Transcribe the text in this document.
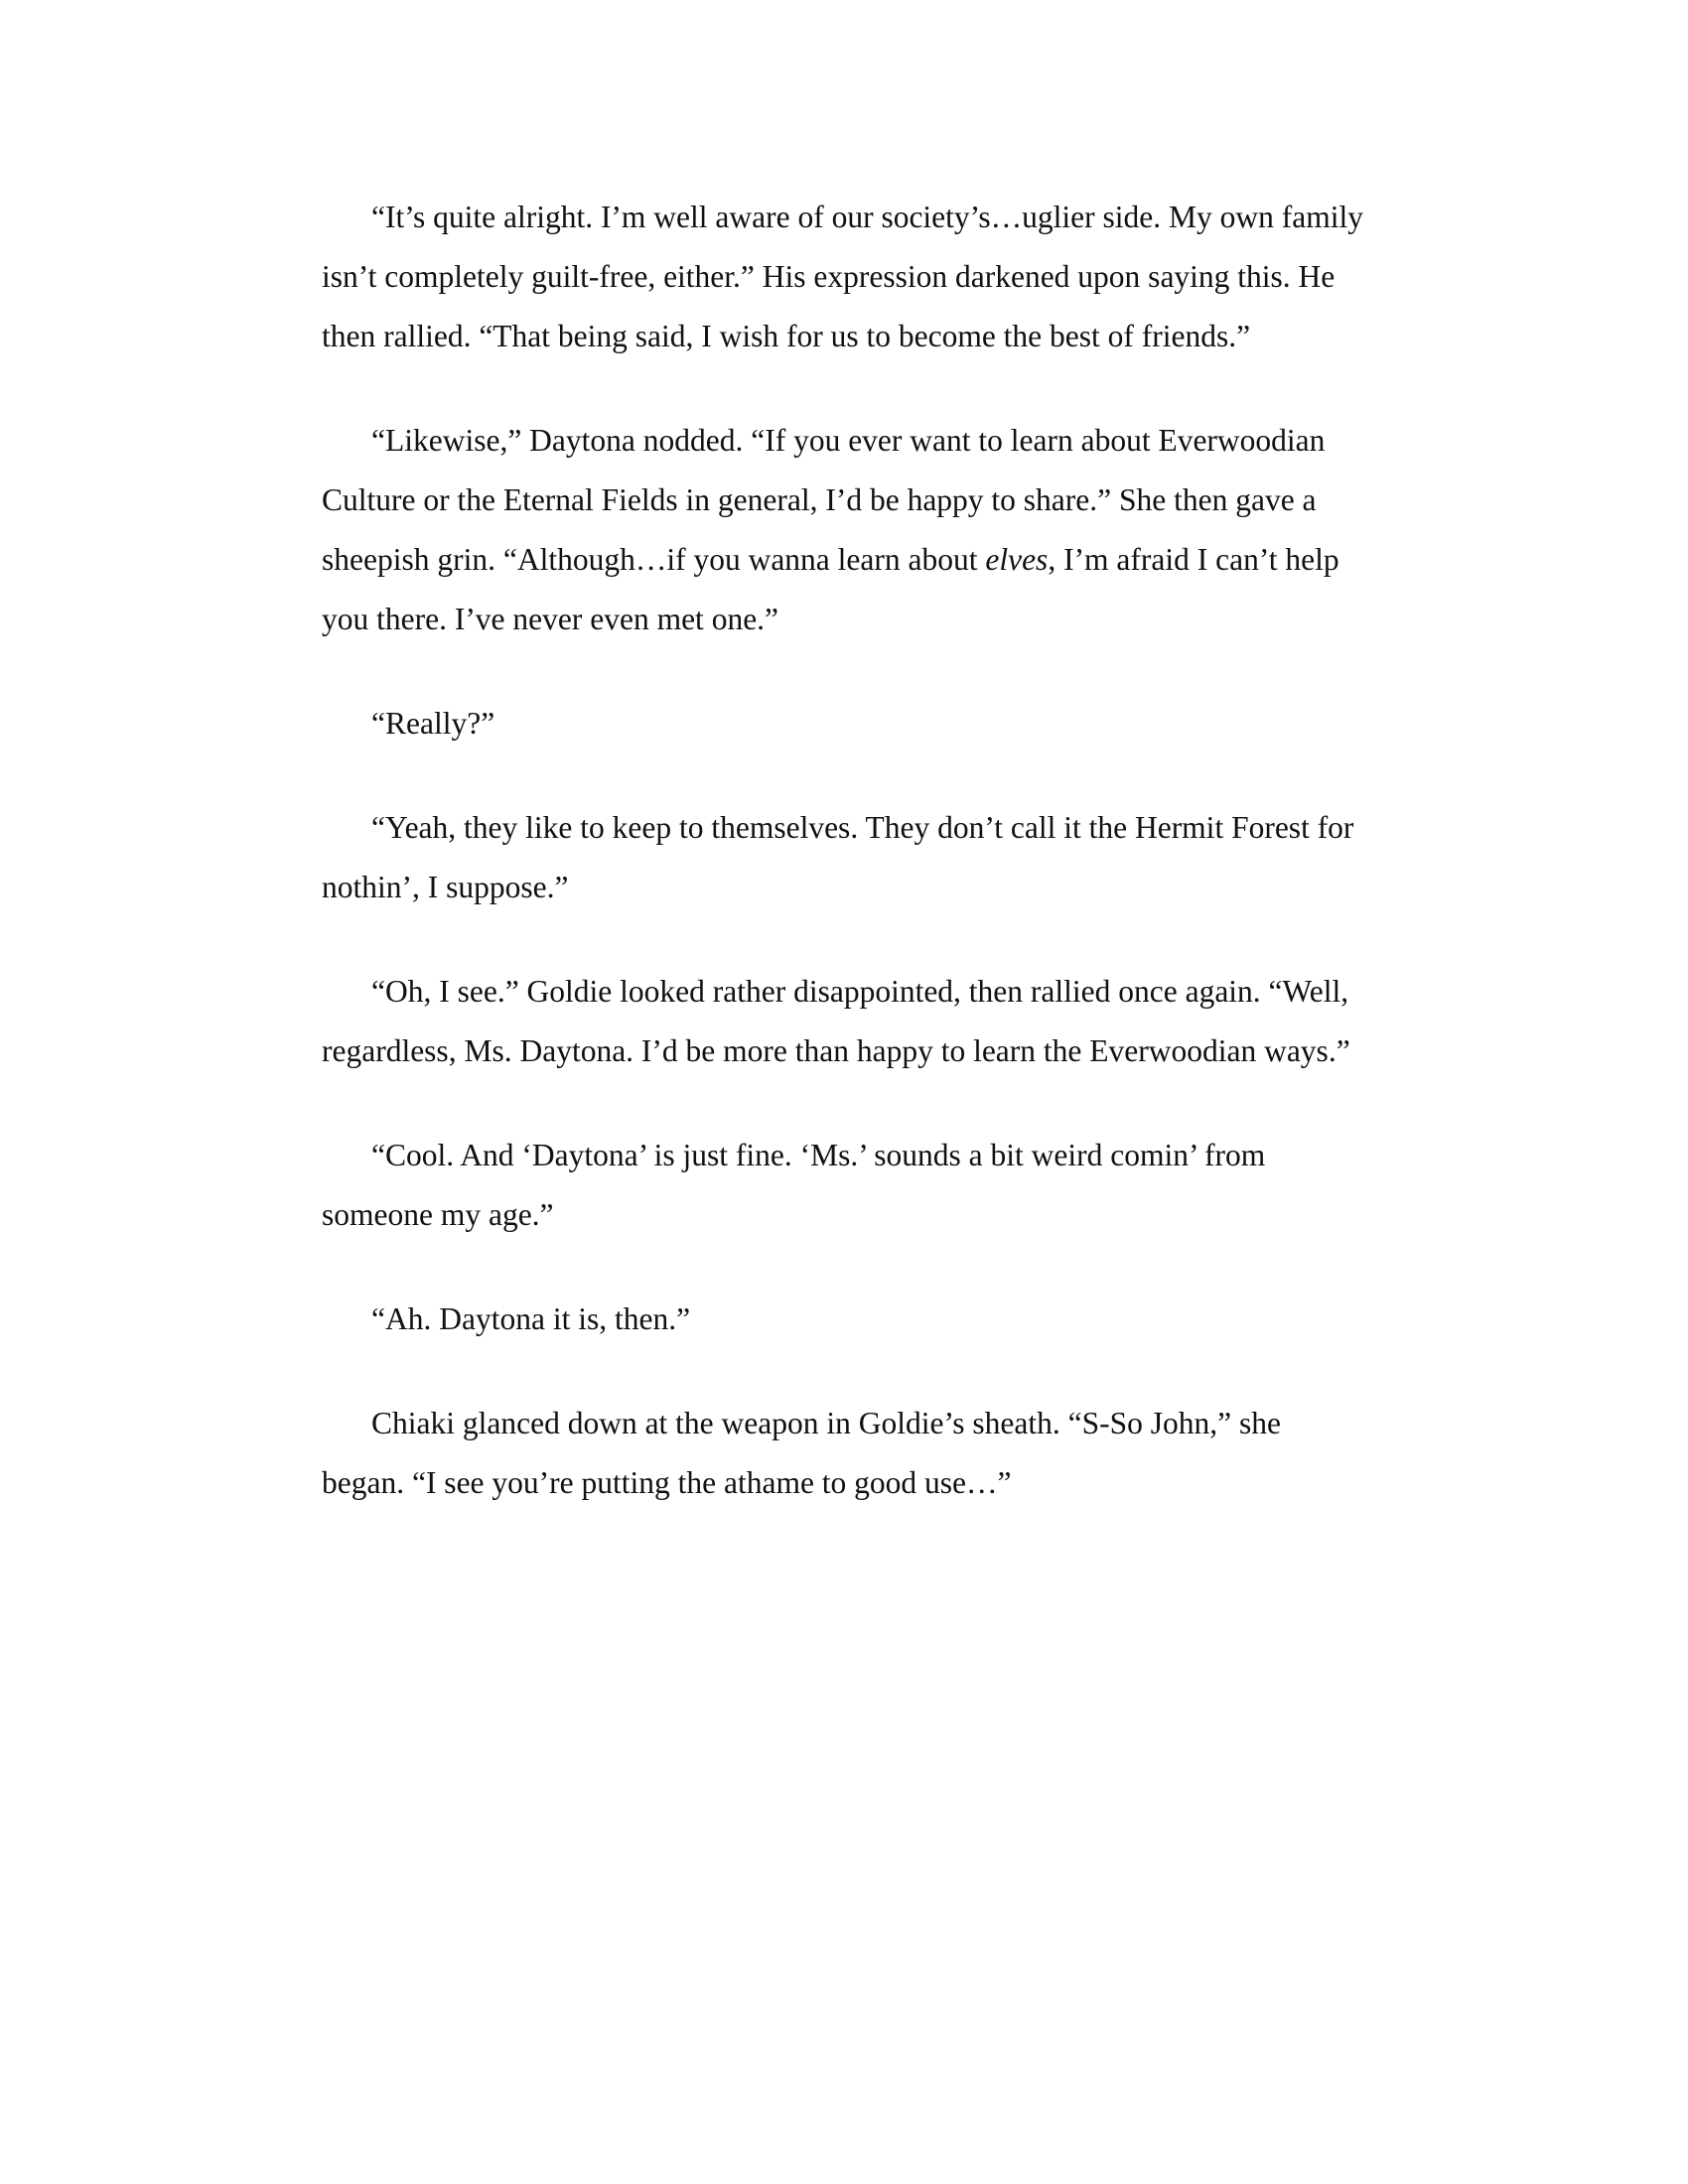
“It’s quite alright. I’m well aware of our society’s…uglier side. My own family isn’t completely guilt-free, either.” His expression darkened upon saying this. He then rallied. “That being said, I wish for us to become the best of friends.”

“Likewise,” Daytona nodded. “If you ever want to learn about Everwoodian Culture or the Eternal Fields in general, I’d be happy to share.” She then gave a sheepish grin. “Although…if you wanna learn about elves, I’m afraid I can’t help you there. I’ve never even met one.”

“Really?”

“Yeah, they like to keep to themselves. They don’t call it the Hermit Forest for nothin’, I suppose.”

“Oh, I see.” Goldie looked rather disappointed, then rallied once again. “Well, regardless, Ms. Daytona. I’d be more than happy to learn the Everwoodian ways.”

“Cool. And ‘Daytona’ is just fine. ‘Ms.’ sounds a bit weird comin’ from someone my age.”

“Ah. Daytona it is, then.”

Chiaki glanced down at the weapon in Goldie’s sheath. “S-So John,” she began. “I see you’re putting the athame to good use…”
